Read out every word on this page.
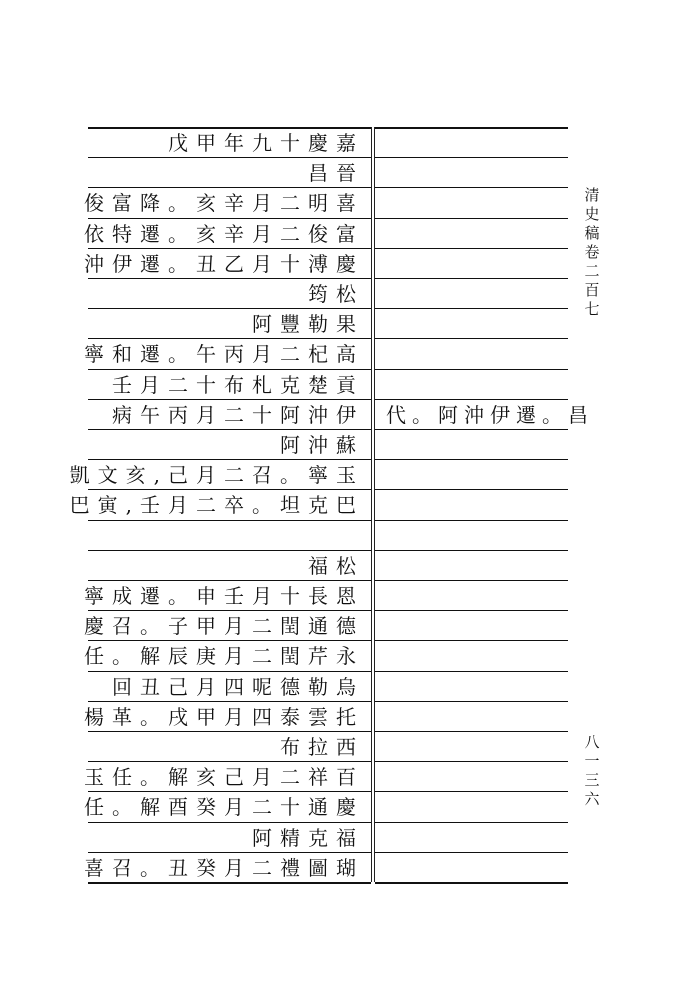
戊甲年九十慶嘉
昌晉
俊富降。亥辛月二明喜
依特遷。亥辛月二俊富
沖伊遷。丑乙月十溥慶
筠松
阿豐勒果
寧和遷。午丙月二杞高
壬月二十布札克楚貢
病午丙月二十阿沖伊 代。阿沖伊遷。昌
阿沖蘇
凱文亥,己月二召。寧玉
巴寅,壬月二卒。坦克巴
福松
寧成遷。申壬月十長恩
慶召。子甲月二閏通德
任。解辰庚月二閏芹永
回丑己月四呢德勒烏
楊革。戌甲月四泰雲托
布拉西
玉任。解亥己月二祥百
任。解酉癸月二十通慶
阿精克福
喜召。丑癸月二禮圖瑚
清
史
稿
卷
二
百
七
八
一
三
六
